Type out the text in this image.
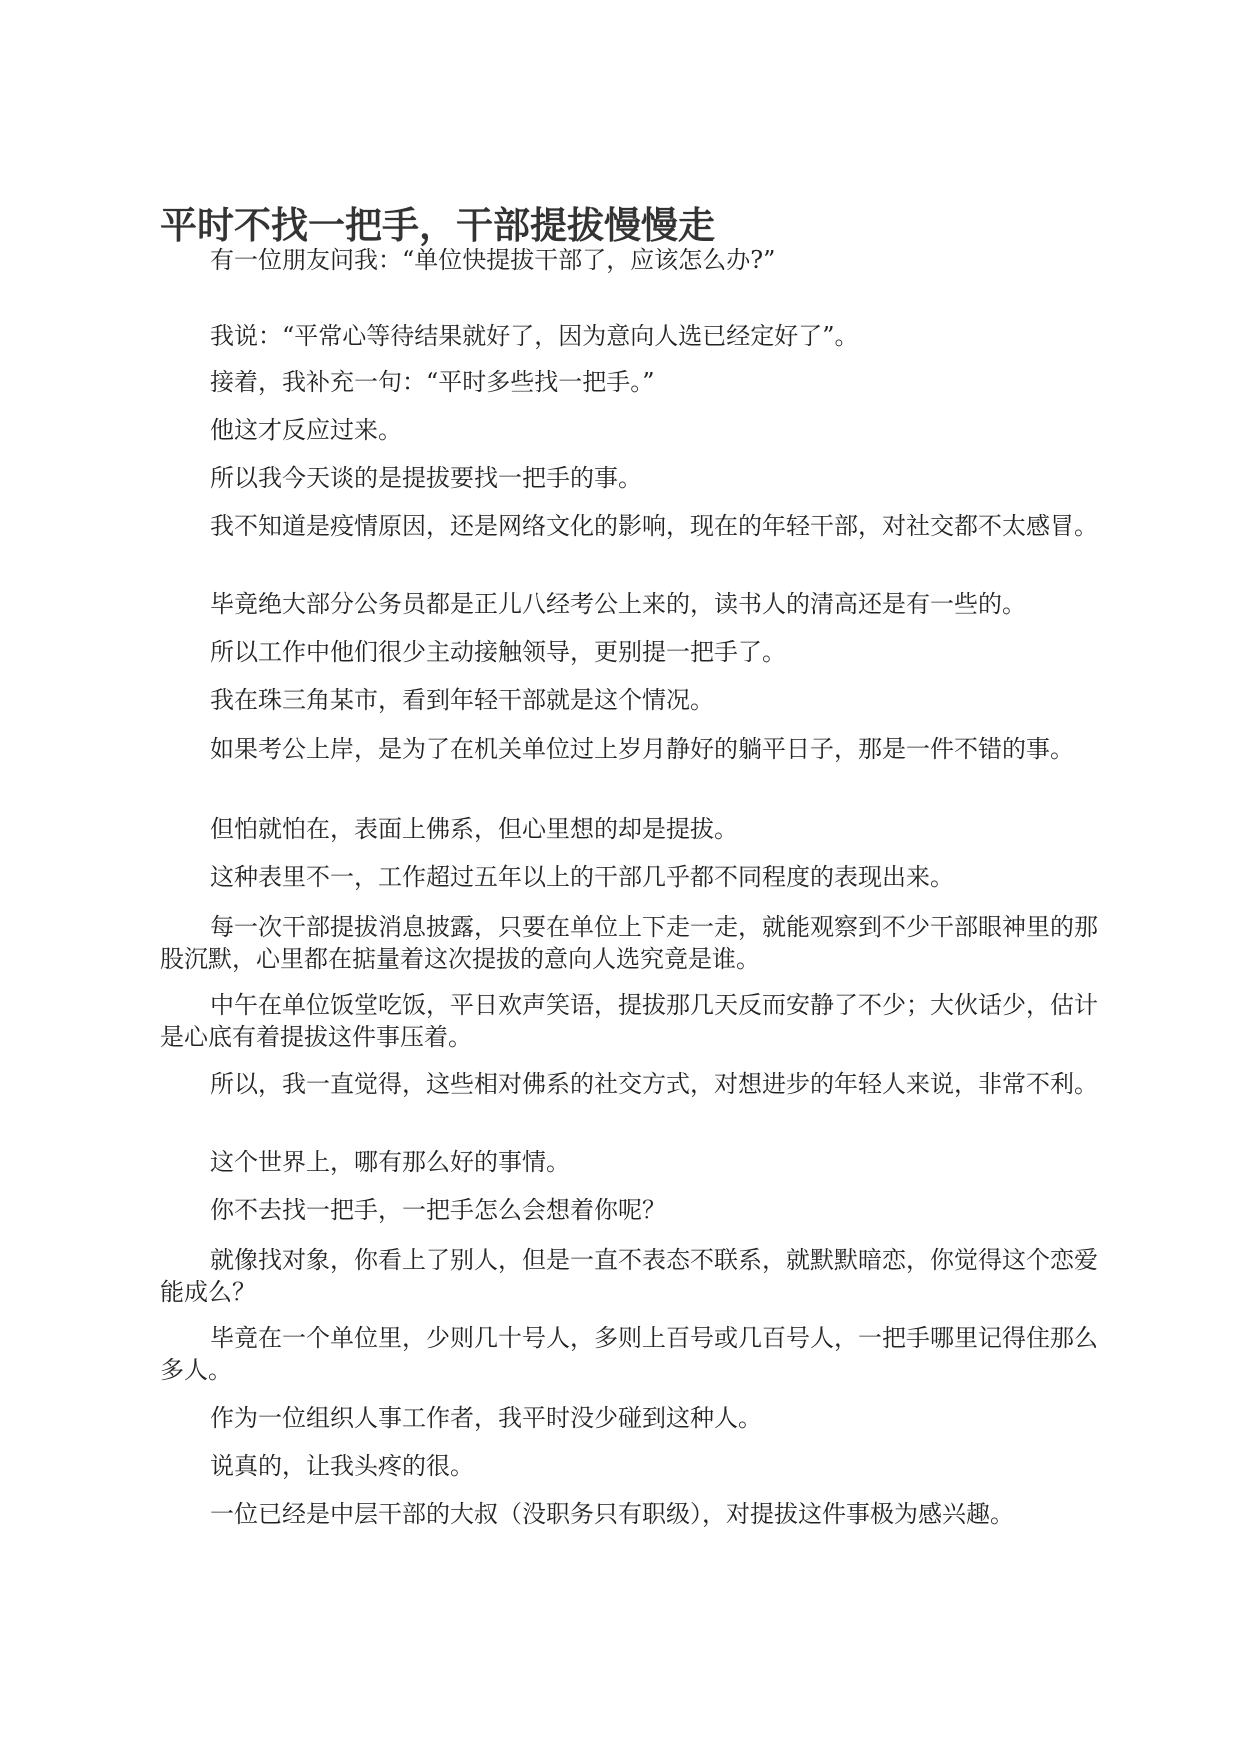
平时不找一把手，干部提拔慢慢走

有一位朋友问我：“单位快提拔干部了，应该怎么办?”

我说：“平常心等待结果就好了，因为意向人选已经定好了”。

接着，我补充一句：“平时多些找一把手。”

他这才反应过来。

所以我今天谈的是提拔要找一把手的事。

我不知道是疫情原因，还是网络文化的影响，现在的年轻干部，对社交都不太感冒。

毕竟绝大部分公务员都是正儿八经考公上来的，读书人的清高还是有一些的。

所以工作中他们很少主动接触领导，更别提一把手了。

我在珠三角某市，看到年轻干部就是这个情况。

如果考公上岸，是为了在机关单位过上岁月静好的躺平日子，那是一件不错的事。

但怕就怕在，表面上佛系，但心里想的却是提拔。

这种表里不一，工作超过五年以上的干部几乎都不同程度的表现出来。

每一次干部提拔消息披露，只要在单位上下走一走，就能观察到不少干部眼神里的那股沉默，心里都在掂量着这次提拔的意向人选究竟是谁。

中午在单位饭堂吃饭，平日欢声笑语，提拔那几天反而安静了不少；大伙话少，估计是心底有着提拔这件事压着。

所以，我一直觉得，这些相对佛系的社交方式，对想进步的年轻人来说，非常不利。

这个世界上，哪有那么好的事情。

你不去找一把手，一把手怎么会想着你呢？

就像找对象，你看上了别人，但是一直不表态不联系，就默默暗恋，你觉得这个恋爱能成么？

毕竟在一个单位里，少则几十号人，多则上百号或几百号人，一把手哪里记得住那么多人。

作为一位组织人事工作者，我平时没少碰到这种人。

说真的，让我头疼的很。

一位已经是中层干部的大叔（没职务只有职级），对提拔这件事极为感兴趣。
